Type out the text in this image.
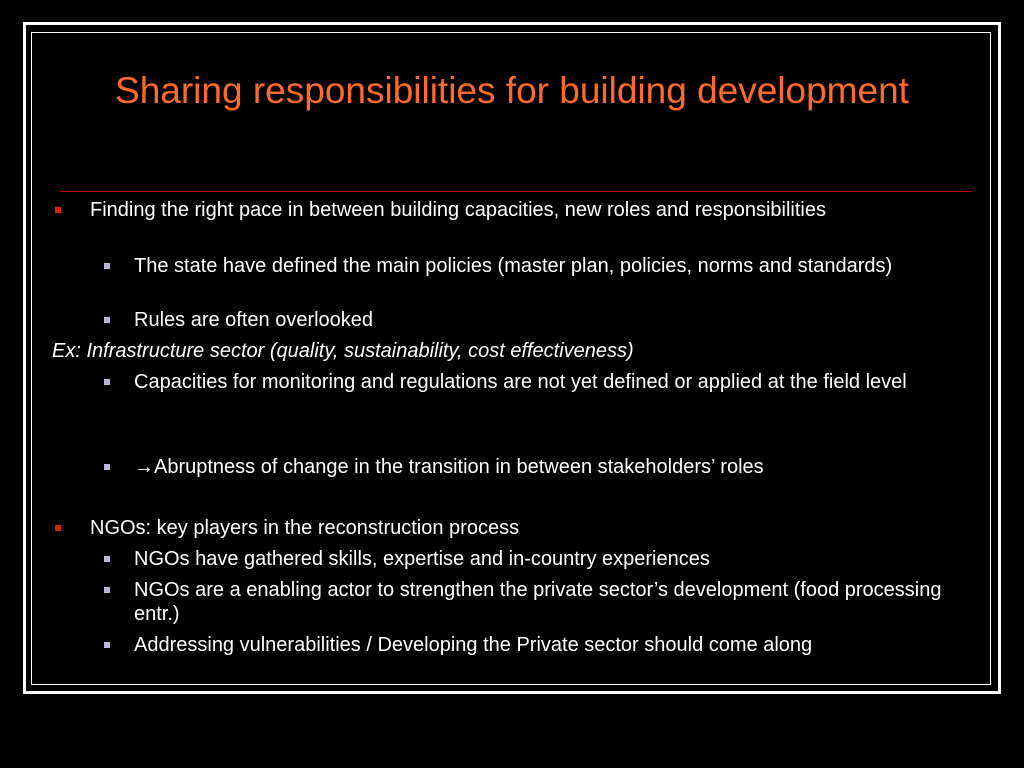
Sharing responsibilities for building development
Finding the right pace in between building capacities, new roles and responsibilities
The state have defined the main policies (master plan, policies, norms and standards)
Rules are often overlooked
Ex: Infrastructure sector (quality, sustainability, cost effectiveness)
Capacities for monitoring and regulations are not yet defined or applied at the field level
→Abruptness of change in the transition in between stakeholders’ roles
NGOs: key players in the reconstruction process
NGOs have gathered skills, expertise and in-country experiences
NGOs are a enabling actor to strengthen the private sector’s development (food processing entr.)
Addressing vulnerabilities / Developing the Private sector should come along
